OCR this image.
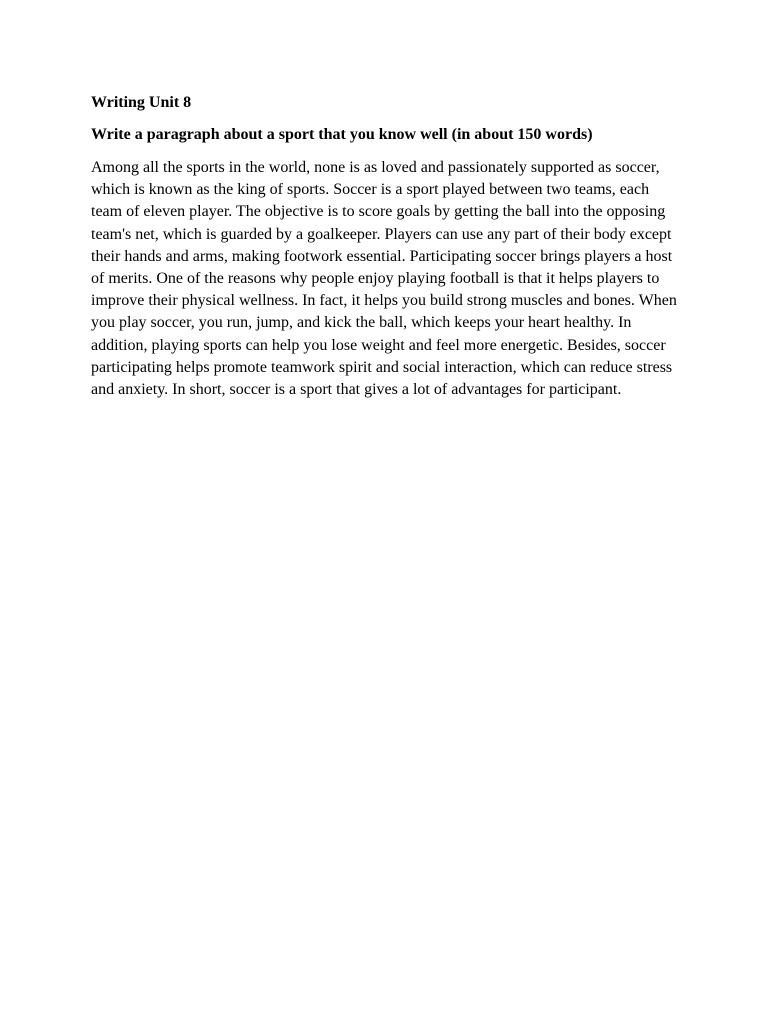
Writing Unit 8

Write a paragraph about a sport that you know well (in about 150 words)

Among all the sports in the world, none is as loved and passionately supported as soccer, which is known as the king of sports. Soccer is a sport played between two teams, each team of eleven player. The objective is to score goals by getting the ball into the opposing team's net, which is guarded by a goalkeeper. Players can use any part of their body except their hands and arms, making footwork essential. Participating soccer brings players a host of merits. One of the reasons why people enjoy playing football is that it helps players to improve their physical wellness. In fact, it helps you build strong muscles and bones. When you play soccer, you run, jump, and kick the ball, which keeps your heart healthy. In addition, playing sports can help you lose weight and feel more energetic. Besides, soccer participating helps promote teamwork spirit and social interaction, which can reduce stress and anxiety. In short, soccer is a sport that gives a lot of advantages for participant.
